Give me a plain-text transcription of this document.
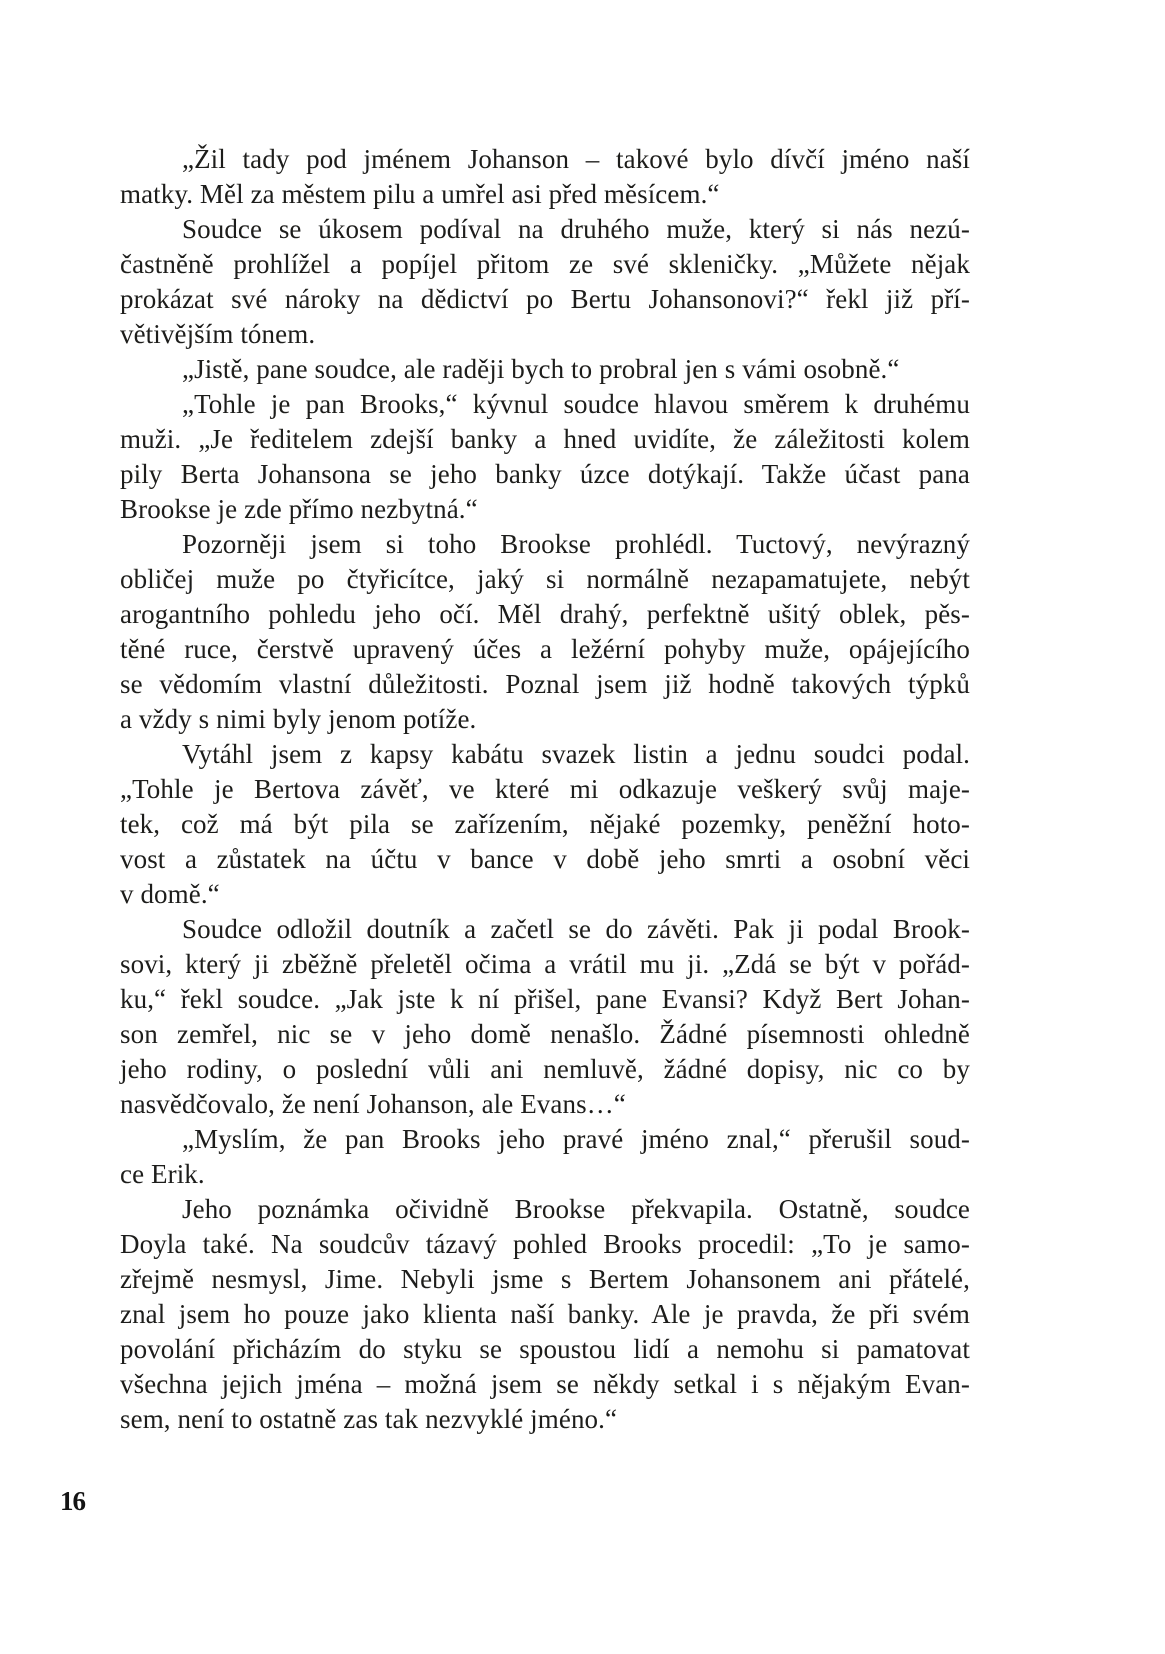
„Žil tady pod jménem Johanson – takové bylo dívčí jméno naší
matky. Měl za městem pilu a umřel asi před měsícem.“
Soudce se úkosem podíval na druhého muže, který si nás nezú-
častněně prohlížel a popíjel přitom ze své skleničky. „Můžete nějak
prokázat své nároky na dědictví po Bertu Johansonovi?“ řekl již pří-
větivějším tónem.
„Jistě, pane soudce, ale raději bych to probral jen s vámi osobně.“
„Tohle je pan Brooks,“ kývnul soudce hlavou směrem k druhému
muži. „Je ředitelem zdejší banky a hned uvidíte, že záležitosti kolem
pily Berta Johansona se jeho banky úzce dotýkají. Takže účast pana
Brookse je zde přímo nezbytná.“
Pozorněji jsem si toho Brookse prohlédl. Tuctový, nevýrazný
obličej muže po čtyřicítce, jaký si normálně nezapamatujete, nebýt
arogantního pohledu jeho očí. Měl drahý, perfektně ušitý oblek, pěs-
těné ruce, čerstvě upravený účes a ležérní pohyby muže, opájejícího
se vědomím vlastní důležitosti. Poznal jsem již hodně takových týpků
a vždy s nimi byly jenom potíže.
Vytáhl jsem z kapsy kabátu svazek listin a jednu soudci podal.
„Tohle je Bertova závěť, ve které mi odkazuje veškerý svůj maje-
tek, což má být pila se zařízením, nějaké pozemky, peněžní hoto-
vost a zůstatek na účtu v bance v době jeho smrti a osobní věci
v domě.“
Soudce odložil doutník a začetl se do závěti. Pak ji podal Brook-
sovi, který ji zběžně přeletěl očima a vrátil mu ji. „Zdá se být v pořád-
ku,“ řekl soudce. „Jak jste k ní přišel, pane Evansi? Když Bert Johan-
son zemřel, nic se v jeho domě nenašlo. Žádné písemnosti ohledně
jeho rodiny, o poslední vůli ani nemluvě, žádné dopisy, nic co by
nasvědčovalo, že není Johanson, ale Evans…“
„Myslím, že pan Brooks jeho pravé jméno znal,“ přerušil soud-
ce Erik.
Jeho poznámka očividně Brookse překvapila. Ostatně, soudce
Doyla také. Na soudcův tázavý pohled Brooks procedil: „To je samo-
zřejmě nesmysl, Jime. Nebyli jsme s Bertem Johansonem ani přátelé,
znal jsem ho pouze jako klienta naší banky. Ale je pravda, že při svém
povolání přicházím do styku se spoustou lidí a nemohu si pamatovat
všechna jejich jména – možná jsem se někdy setkal i s nějakým Evan-
sem, není to ostatně zas tak nezvyklé jméno.“
16
